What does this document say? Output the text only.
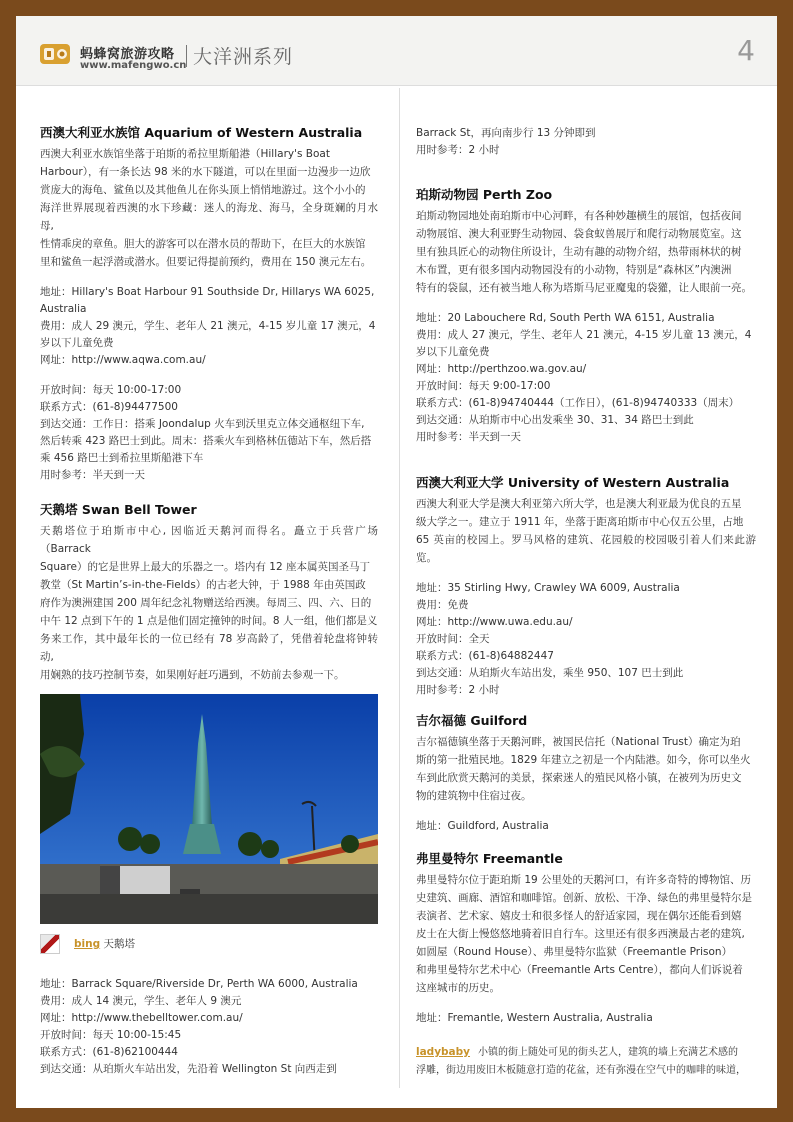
蚂蜂窝旅游攻略
www.mafengwo.cn 大洋洲系列	4
西澳大利亚水族馆 Aquarium of Western Australia
西澳大利亚水族馆坐落于珀斯的希拉里斯船港（Hillary's Boat
Harbour），有一条长达 98 米的水下隧道，可以在里面一边漫步一边欣
赏庞大的海龟、鲨鱼以及其他鱼儿在你头顶上悄悄地游过。这个小小的
海洋世界展现着西澳的水下珍藏：迷人的海龙、海马，全身斑斓的月水母,
性情乖戾的章鱼。胆大的游客可以在潜水员的帮助下，在巨大的水族馆
里和鲨鱼一起浮潜或潜水。但要记得提前预约，费用在 150 澳元左右。
地址：Hillary's Boat Harbour 91 Southside Dr, Hillarys WA 6025,
Australia
费用：成人 29 澳元，学生、老年人 21 澳元，4-15 岁儿童 17 澳元，4
岁以下儿童免费
网址：http://www.aqwa.com.au/
开放时间：每天 10:00-17:00
联系方式：(61-8)94477500
到达交通：工作日：搭乘 Joondalup 火车到沃里克立体交通枢纽下车,
然后转乘 423 路巴士到此。周末：搭乘火车到格林伍德站下车，然后搭
乘 456 路巴士到希拉里斯船港下车
用时参考：半天到一天
天鹅塔 Swan Bell Tower
天鹅塔位于珀斯市中心, 因临近天鹅河而得名。矗立于兵营广场（Barrack
Square）的它是世界上最大的乐器之一。塔内有 12 座本属英国圣马丁
教堂（St Martin’s-in-the-Fields）的古老大钟，于 1988 年由英国政
府作为澳洲建国 200 周年纪念礼物赠送给西澳。每周三、四、六、日的
中午 12 点到下午的 1 点是他们固定撞钟的时间。8 人一组，他们都是义
务来工作，其中最年长的一位已经有 78 岁高龄了，凭借着轮盘将钟转动,
用娴熟的技巧控制节奏，如果刚好赶巧遇到，不妨前去参观一下。
bing 天鹅塔
地址：Barrack Square/Riverside Dr, Perth WA 6000, Australia
费用：成人 14 澳元，学生、老年人 9 澳元
网址：http://www.thebelltower.com.au/
开放时间：每天 10:00-15:45
联系方式：(61-8)62100444
到达交通：从珀斯火车站出发，先沿着 Wellington St 向西走到
Barrack St，再向南步行 13 分钟即到
用时参考：2 小时
珀斯动物园 Perth Zoo
珀斯动物园地处南珀斯市中心河畔，有各种妙趣横生的展馆，包括夜间
动物展馆、澳大利亚野生动物园、袋食蚁兽展厅和爬行动物展览室。这
里有独具匠心的动物住所设计，生动有趣的动物介绍，热带雨林状的树
木布置，更有很多国内动物园没有的小动物，特别是“森林区”内澳洲
特有的袋鼠，还有被当地人称为塔斯马尼亚魔鬼的袋獾，让人眼前一亮。
地址：20 Labouchere Rd, South Perth WA 6151, Australia
费用：成人 27 澳元，学生、老年人 21 澳元，4-15 岁儿童 13 澳元，4
岁以下儿童免费
网址：http://perthzoo.wa.gov.au/
开放时间：每天 9:00-17:00
联系方式：(61-8)94740444（工作日），(61-8)94740333（周末）
到达交通：从珀斯市中心出发乘坐 30、31、34 路巴士到此
用时参考：半天到一天
西澳大利亚大学 University of Western Australia
西澳大利亚大学是澳大利亚第六所大学，也是澳大利亚最为优良的五星
级大学之一。建立于 1911 年，坐落于距离珀斯市中心仅五公里，占地
65 英亩的校园上。罗马风格的建筑、花园般的校园吸引着人们来此游览。
地址：35 Stirling Hwy, Crawley WA 6009, Australia
费用：免费
网址：http://www.uwa.edu.au/
开放时间：全天
联系方式：(61-8)64882447
到达交通：从珀斯火车站出发，乘坐 950、107 巴士到此
用时参考：2 小时
吉尔福德 Guilford
吉尔福德镇坐落于天鹅河畔，被国民信托（National Trust）确定为珀
斯的第一批殖民地。1829 年建立之初是一个内陆港。如今，你可以坐火
车到此欣赏天鹅河的美景，探索迷人的殖民风格小镇，在被列为历史文
物的建筑物中住宿过夜。
地址：Guildford, Australia
弗里曼特尔 Freemantle
弗里曼特尔位于距珀斯 19 公里处的天鹅河口，有许多奇特的博物馆、历
史建筑、画廊、酒馆和咖啡馆。创新、放松、干净、绿色的弗里曼特尔是
表演者、艺术家、嬉皮士和很多怪人的舒适家园，现在偶尔还能看到嬉
皮士在大街上慢悠悠地骑着旧自行车。这里还有很多西澳最古老的建筑,
如圆屋（Round House）、弗里曼特尔监狱（Freemantle Prison）
和弗里曼特尔艺术中心（Freemantle Arts Centre），都向人们诉说着
这座城市的历史。
地址：Fremantle, Western Australia, Australia
ladybaby 小镇的街上随处可见的街头艺人，建筑的墙上充满艺术感的
浮雕，街边用废旧木板随意打造的花盆，还有弥漫在空气中的咖啡的味道，
